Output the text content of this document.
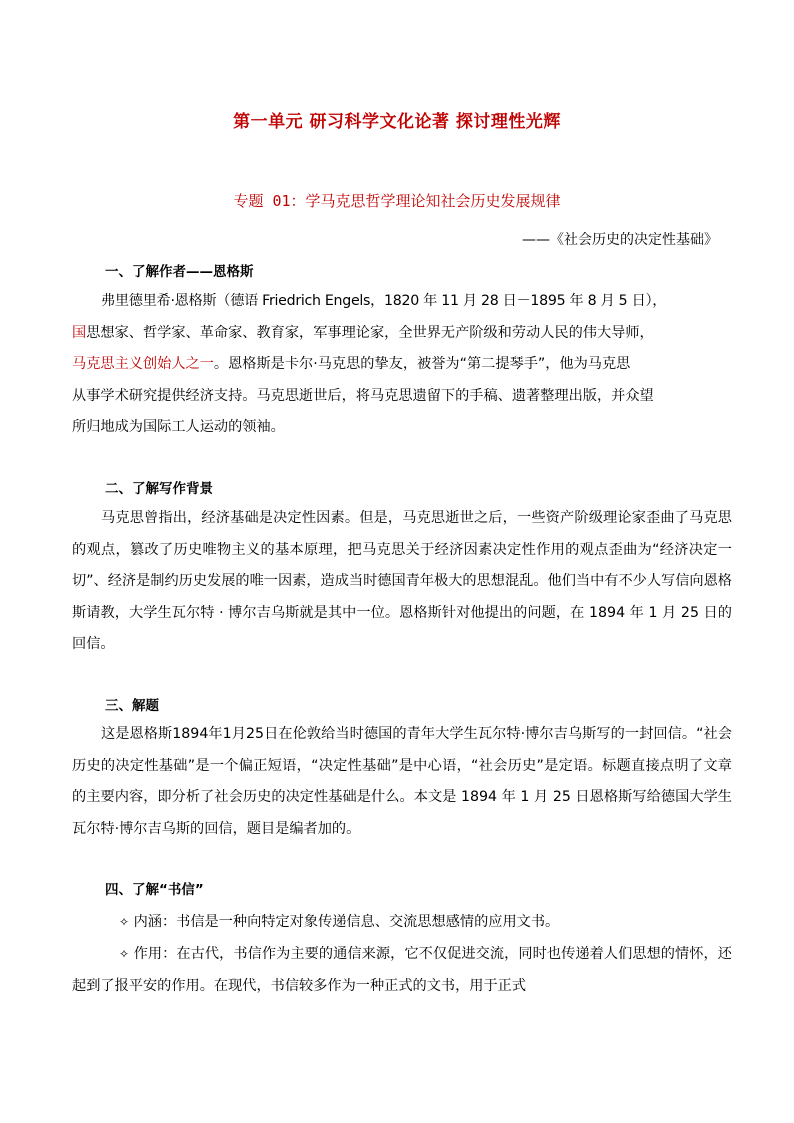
第一单元 研习科学文化论著 探讨理性光辉
专题 01：学马克思哲学理论知社会历史发展规律
——《社会历史的决定性基础》
一、了解作者——恩格斯
弗里德里希·恩格斯（德语 Friedrich Engels，1820 年 11 月 28 日－1895 年 8 月 5 日），
国思想家、哲学家、革命家、教育家，军事理论家，全世界无产阶级和劳动人民的伟大导师，
马克思主义创始人之一。恩格斯是卡尔·马克思的挚友，被誉为“第二提琴手”，他为马克思
从事学术研究提供经济支持。马克思逝世后，将马克思遗留下的手稿、遗著整理出版，并众望
所归地成为国际工人运动的领袖。
二、了解写作背景
马克思曾指出，经济基础是决定性因素。但是，马克思逝世之后，一些资产阶级理论家歪曲了马克思的观点，篡改了历史唯物主义的基本原理，把马克思关于经济因素决定性作用的观点歪曲为“经济决定一切”、经济是制约历史发展的唯一因素，造成当时德国青年极大的思想混乱。他们当中有不少人写信向恩格斯请教，大学生瓦尔特 · 博尔吉乌斯就是其中一位。恩格斯针对他提出的问题，在 1894 年 1 月 25 日的回信。
三、解题
这是恩格斯1894年1月25日在伦敦给当时德国的青年大学生瓦尔特·博尔吉乌斯写的一封回信。“社会历史的决定性基础”是一个偏正短语，“决定性基础”是中心语，“社会历史”是定语。标题直接点明了文章的主要内容，即分析了社会历史的决定性基础是什么。本文是 1894 年 1 月 25 日恩格斯写给德国大学生瓦尔特·博尔吉乌斯的回信，题目是编者加的。
四、了解“书信”
✧ 内涵：书信是一种向特定对象传递信息、交流思想感情的应用文书。
✧ 作用：在古代，书信作为主要的通信来源，它不仅促进交流，同时也传递着人们思想的情怀，还起到了报平安的作用。在现代，书信较多作为一种正式的文书，用于正式
